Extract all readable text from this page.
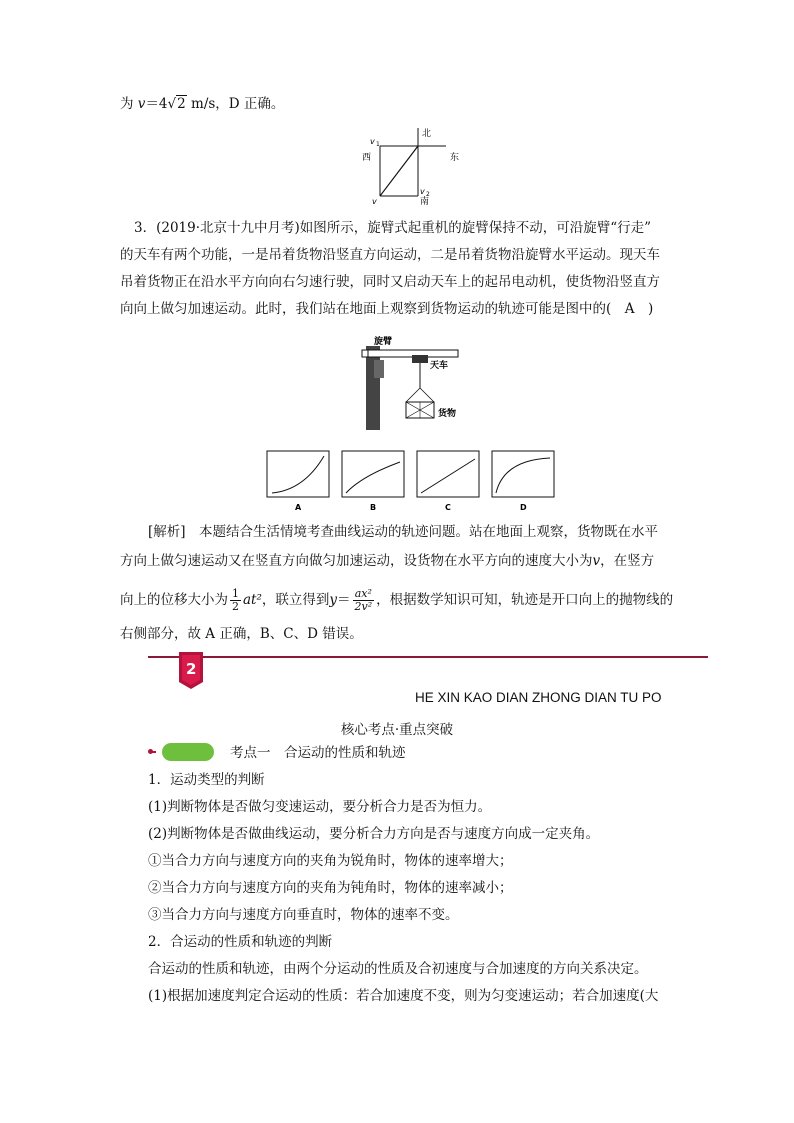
为 v＝4√2 m/s，D 正确。
北
西	东
南
v 1
v 2
v
3．(2019·北京十九中月考)如图所示，旋臂式起重机的旋臂保持不动，可沿旋臂“行走”
的天车有两个功能，一是吊着货物沿竖直方向运动，二是吊着货物沿旋臂水平运动。现天车
吊着货物正在沿水平方向向右匀速行驶，同时又启动天车上的起吊电动机，使货物沿竖直方
向向上做匀加速运动。此时，我们站在地面上观察到货物运动的轨迹可能是图中的(　A　)
旋臂
天车
货物
A	B	C	D
[解析]　本题结合生活情境考查曲线运动的轨迹问题。站在地面上观察，货物既在水平
方向上做匀速运动又在竖直方向做匀加速运动，设货物在水平方向的速度大小为v，在竖方
向上的位移大小为 $\frac{1}{2} at^2$，联立得到$y= \frac{\text{ax²}}{\text{2v²}}$ ，根据数学知识可知，轨迹是开口向上的抛物线的
右侧部分，故 A 正确，B、C、D 错误。
2
HE XIN KAO DIAN ZHONG DIAN TU PO
核心考点·重点突破
考点一　合运动的性质和轨迹
1．运动类型的判断
(1)判断物体是否做匀变速运动，要分析合力是否为恒力。
(2)判断物体是否做曲线运动，要分析合力方向是否与速度方向成一定夹角。
①当合力方向与速度方向的夹角为锐角时，物体的速率增大；
②当合力方向与速度方向的夹角为钝角时，物体的速率减小；
③当合力方向与速度方向垂直时，物体的速率不变。
2．合运动的性质和轨迹的判断
合运动的性质和轨迹，由两个分运动的性质及合初速度与合加速度的方向关系决定。
(1)根据加速度判定合运动的性质：若合加速度不变，则为匀变速运动；若合加速度(大
